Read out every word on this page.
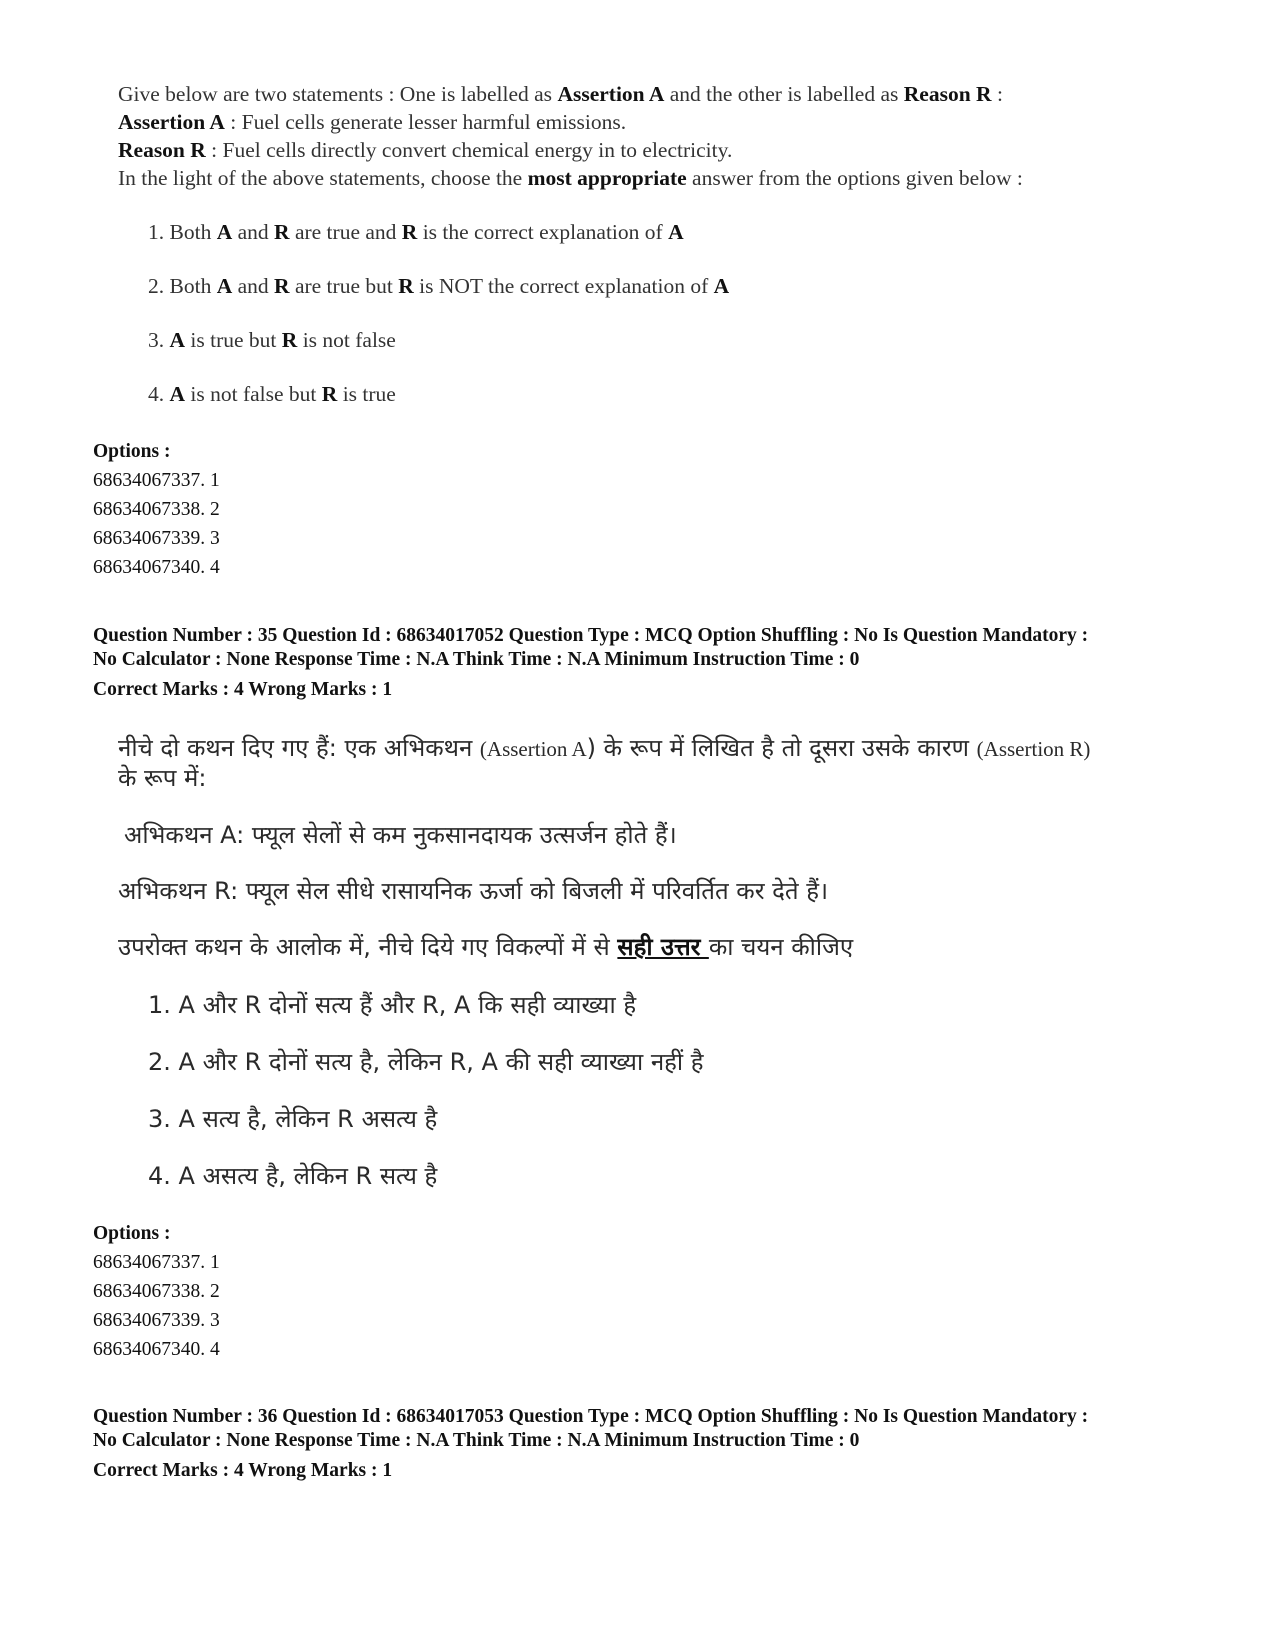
Give below are two statements : One is labelled as Assertion A and the other is labelled as Reason R :
Assertion A : Fuel cells generate lesser harmful emissions.
Reason R : Fuel cells directly convert chemical energy in to electricity.
In the light of the above statements, choose the most appropriate answer from the options given below :
1. Both A and R are true and R is the correct explanation of A
2. Both A and R are true but R is NOT the correct explanation of A
3. A is true but R is not false
4. A is not false but R is true
Options :
68634067337. 1
68634067338. 2
68634067339. 3
68634067340. 4
Question Number : 35 Question Id : 68634017052 Question Type : MCQ Option Shuffling : No Is Question Mandatory :
No Calculator : None Response Time : N.A Think Time : N.A Minimum Instruction Time : 0
Correct Marks : 4 Wrong Marks : 1
नीचे दो कथन दिए गए हैं: एक अभिकथन (Assertion A) के रूप में लिखित है तो दूसरा उसके कारण (Assertion R)
के रूप में:
अभिकथन A: फ्यूल सेलों से कम नुकसानदायक उत्सर्जन होते हैं।
अभिकथन R: फ्यूल सेल सीधे रासायनिक ऊर्जा को बिजली में परिवर्तित कर देते हैं।
उपरोक्त कथन के आलोक में, नीचे दिये गए विकल्पों में से सही उत्तर का चयन कीजिए
1. A और R दोनों सत्य हैं और R, A कि सही व्याख्या है
2. A और R दोनों सत्य है, लेकिन R, A की सही व्याख्या नहीं है
3. A सत्य है, लेकिन R असत्य है
4. A असत्य है, लेकिन R सत्य है
Options :
68634067337. 1
68634067338. 2
68634067339. 3
68634067340. 4
Question Number : 36 Question Id : 68634017053 Question Type : MCQ Option Shuffling : No Is Question Mandatory :
No Calculator : None Response Time : N.A Think Time : N.A Minimum Instruction Time : 0
Correct Marks : 4 Wrong Marks : 1
